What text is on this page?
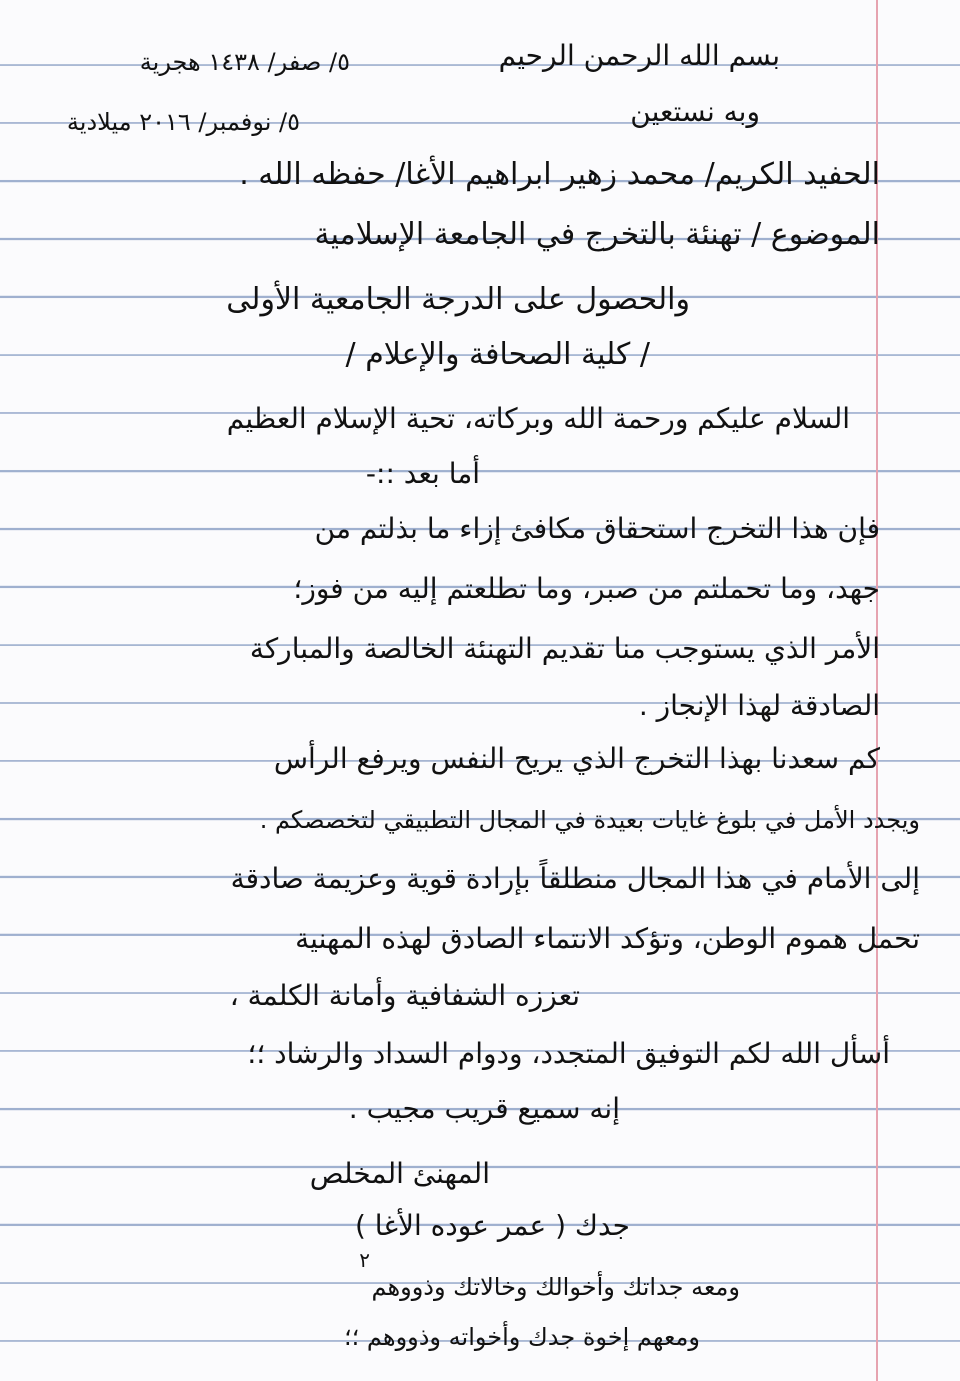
بسم الله الرحمن الرحيم
٥/ صفر/ ١٤٣٨ هجرية
وبه نستعين
٥/ نوفمبر/ ٢٠١٦ ميلادية
الحفيد الكريم/ محمد زهير ابراهيم الأغا/ حفظه الله .
الموضوع / تهنئة بالتخرج في الجامعة الإسلامية
والحصول على الدرجة الجامعية الأولى
/ كلية الصحافة والإعلام /
السلام عليكم ورحمة الله وبركاته، تحية الإسلام العظيم
أما بعد ::-
فإن هذا التخرج استحقاق مكافئ إزاء ما بذلتم من
جهد، وما تحملتم من صبر، وما تطلعتم إليه من فوز؛
الأمر الذي يستوجب منا تقديم التهنئة الخالصة والمباركة
الصادقة لهذا الإنجاز .
كم سعدنا بهذا التخرج الذي يريح النفس ويرفع الرأس
ويجدد الأمل في بلوغ غايات بعيدة في المجال التطبيقي لتخصصكم .
إلى الأمام في هذا المجال منطلقاً بإرادة قوية وعزيمة صادقة
تحمل هموم الوطن، وتؤكد الانتماء الصادق لهذه المهنية
تعززه الشفافية وأمانة الكلمة ،
أسأل الله لكم التوفيق المتجدد، ودوام السداد والرشاد ؛؛
إنه سميع قريب مجيب .
المهنئ المخلص
جدك ( عمر عوده الأغا )
٢
ومعه جداتك وأخوالك وخالاتك وذووهم
ومعهم إخوة جدك وأخواته وذووهم ؛؛
